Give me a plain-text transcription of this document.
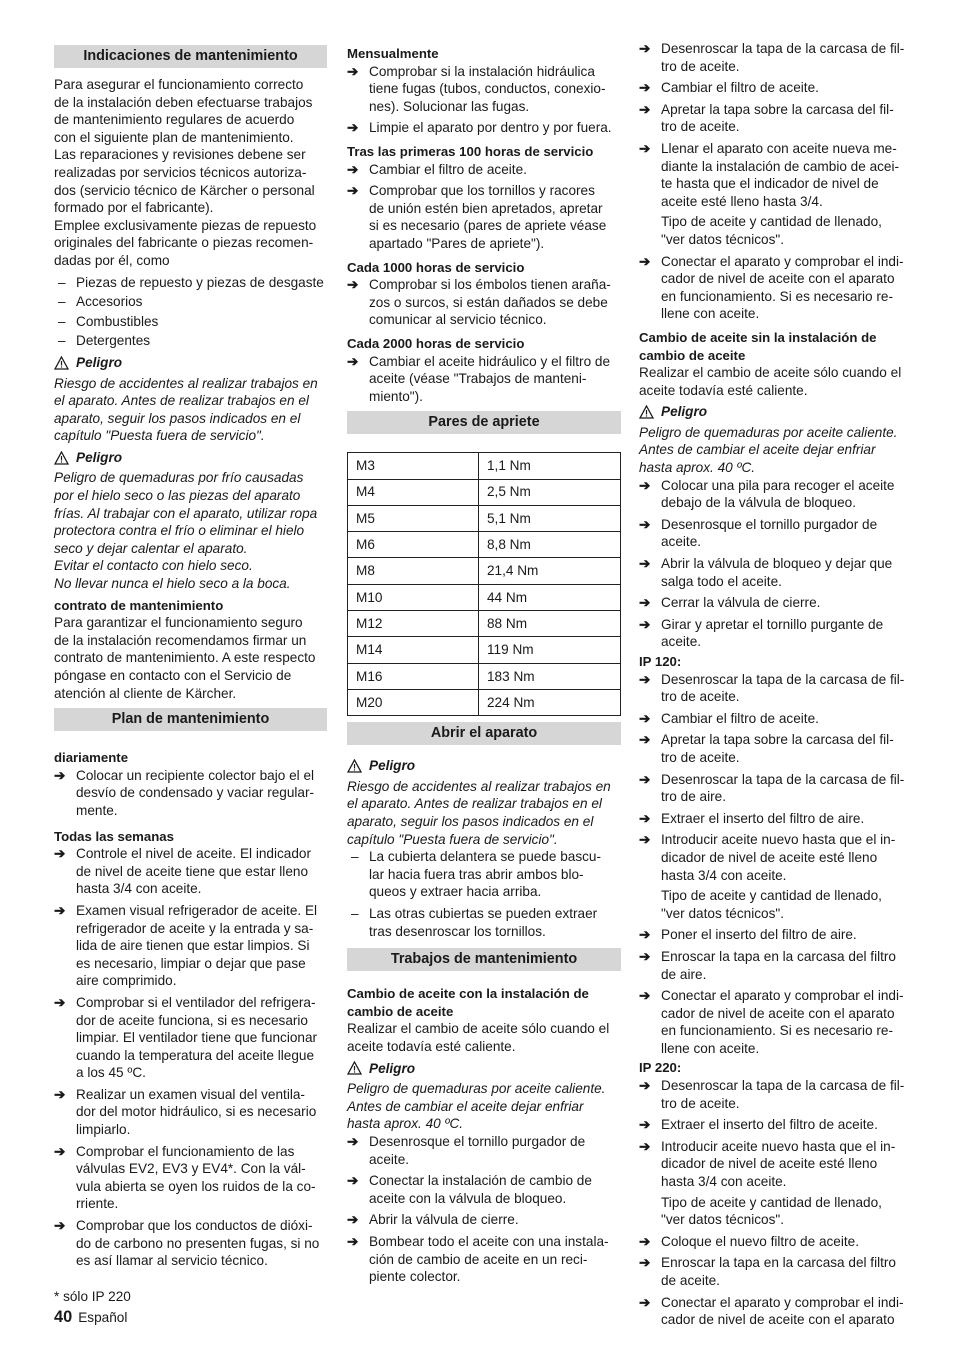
Indicaciones de mantenimiento
Para asegurar el funcionamiento correcto
de la instalación deben efectuarse trabajos
de mantenimiento regulares de acuerdo
con el siguiente plan de mantenimiento.
Las reparaciones y revisiones debene ser
realizadas por servicios técnicos autoriza-
dos (servicio técnico de Kärcher o personal
formado por el fabricante).
Emplee exclusivamente piezas de repuesto
originales del fabricante o piezas recomen-
dadas por él, como
– Piezas de repuesto y piezas de desgaste
– Accesorios
– Combustibles
– Detergentes
Peligro
Riesgo de accidentes al realizar trabajos en
el aparato. Antes de realizar trabajos en el
aparato, seguir los pasos indicados en el
capítulo "Puesta fuera de servicio".
Peligro
Peligro de quemaduras por frío causadas
por el hielo seco o las piezas del aparato
frías. Al trabajar con el aparato, utilizar ropa
protectora contra el frío o eliminar el hielo
seco y dejar calentar el aparato.
Evitar el contacto con hielo seco.
No llevar nunca el hielo seco a la boca.
contrato de mantenimiento
Para garantizar el funcionamiento seguro
de la instalación recomendamos firmar un
contrato de mantenimiento. A este respecto
póngase en contacto con el Servicio de
atención al cliente de Kärcher.
Plan de mantenimiento
diariamente
➔ Colocar un recipiente colector bajo el el
desvío de condensado y vaciar regular-
mente.
Todas las semanas
➔ Controle el nivel de aceite. El indicador
de nivel de aceite tiene que estar lleno
hasta 3/4 con aceite.
➔ Examen visual refrigerador de aceite. El
refrigerador de aceite y la entrada y sa-
lida de aire tienen que estar limpios. Si
es necesario, limpiar o dejar que pase
aire comprimido.
➔ Comprobar si el ventilador del refrigera-
dor de aceite funciona, si es necesario
limpiar. El ventilador tiene que funcionar
cuando la temperatura del aceite llegue
a los 45 ºC.
➔ Realizar un examen visual del ventila-
dor del motor hidráulico, si es necesario
limpiarlo.
➔ Comprobar el funcionamiento de las
válvulas EV2, EV3 y EV4*. Con la vál-
vula abierta se oyen los ruidos de la co-
rriente.
➔ Comprobar que los conductos de dióxi-
do de carbono no presenten fugas, si no
es así llamar al servicio técnico.
* sólo IP 220
Mensualmente
➔ Comprobar si la instalación hidráulica
tiene fugas (tubos, conductos, conexio-
nes). Solucionar las fugas.
➔ Limpie el aparato por dentro y por fuera.
Tras las primeras 100 horas de servicio
➔ Cambiar el filtro de aceite.
➔ Comprobar que los tornillos y racores
de unión estén bien apretados, apretar
si es necesario (pares de apriete véase
apartado "Pares de apriete").
Cada 1000 horas de servicio
➔ Comprobar si los émbolos tienen araña-
zos o surcos, si están dañados se debe
comunicar al servicio técnico.
Cada 2000 horas de servicio
➔ Cambiar el aceite hidráulico y el filtro de
aceite (véase "Trabajos de manteni-
miento").
Pares de apriete
M3	1,1 Nm
M4	2,5 Nm
M5	5,1 Nm
M6	8,8 Nm
M8	21,4 Nm
M10	44 Nm
M12	88 Nm
M14	119 Nm
M16	183 Nm
M20	224 Nm
Abrir el aparato
Peligro
Riesgo de accidentes al realizar trabajos en
el aparato. Antes de realizar trabajos en el
aparato, seguir los pasos indicados en el
capítulo "Puesta fuera de servicio".
– La cubierta delantera se puede bascu-
lar hacia fuera tras abrir ambos blo-
queos y extraer hacia arriba.
– Las otras cubiertas se pueden extraer
tras desenroscar los tornillos.
Trabajos de mantenimiento
Cambio de aceite con la instalación de
cambio de aceite
Realizar el cambio de aceite sólo cuando el
aceite todavía esté caliente.
Peligro
Peligro de quemaduras por aceite caliente.
Antes de cambiar el aceite dejar enfriar
hasta aprox. 40 ºC.
➔ Desenrosque el tornillo purgador de
aceite.
➔ Conectar la instalación de cambio de
aceite con la válvula de bloqueo.
➔ Abrir la válvula de cierre.
➔ Bombear todo el aceite con una instala-
ción de cambio de aceite en un reci-
piente colector.
➔ Desenroscar la tapa de la carcasa de fil-
tro de aceite.
➔ Cambiar el filtro de aceite.
➔ Apretar la tapa sobre la carcasa del fil-
tro de aceite.
➔ Llenar el aparato con aceite nueva me-
diante la instalación de cambio de acei-
te hasta que el indicador de nivel de
aceite esté lleno hasta 3/4.
Tipo de aceite y cantidad de llenado,
"ver datos técnicos".
➔ Conectar el aparato y comprobar el indi-
cador de nivel de aceite con el aparato
en funcionamiento. Si es necesario re-
llene con aceite.
Cambio de aceite sin la instalación de
cambio de aceite
Realizar el cambio de aceite sólo cuando el
aceite todavía esté caliente.
Peligro
Peligro de quemaduras por aceite caliente.
Antes de cambiar el aceite dejar enfriar
hasta aprox. 40 ºC.
➔ Colocar una pila para recoger el aceite
debajo de la válvula de bloqueo.
➔ Desenrosque el tornillo purgador de
aceite.
➔ Abrir la válvula de bloqueo y dejar que
salga todo el aceite.
➔ Cerrar la válvula de cierre.
➔ Girar y apretar el tornillo purgante de
aceite.
IP 120:
➔ Desenroscar la tapa de la carcasa de fil-
tro de aceite.
➔ Cambiar el filtro de aceite.
➔ Apretar la tapa sobre la carcasa del fil-
tro de aceite.
➔ Desenroscar la tapa de la carcasa de fil-
tro de aire.
➔ Extraer el inserto del filtro de aire.
➔ Introducir aceite nuevo hasta que el in-
dicador de nivel de aceite esté lleno
hasta 3/4 con aceite.
Tipo de aceite y cantidad de llenado,
"ver datos técnicos".
➔ Poner el inserto del filtro de aire.
➔ Enroscar la tapa en la carcasa del filtro
de aire.
➔ Conectar el aparato y comprobar el indi-
cador de nivel de aceite con el aparato
en funcionamiento. Si es necesario re-
llene con aceite.
IP 220:
➔ Desenroscar la tapa de la carcasa de fil-
tro de aceite.
➔ Extraer el inserto del filtro de aceite.
➔ Introducir aceite nuevo hasta que el in-
dicador de nivel de aceite esté lleno
hasta 3/4 con aceite.
Tipo de aceite y cantidad de llenado,
"ver datos técnicos".
➔ Coloque el nuevo filtro de aceite.
➔ Enroscar la tapa en la carcasa del filtro
de aceite.
➔ Conectar el aparato y comprobar el indi-
cador de nivel de aceite con el aparato
40 Español
